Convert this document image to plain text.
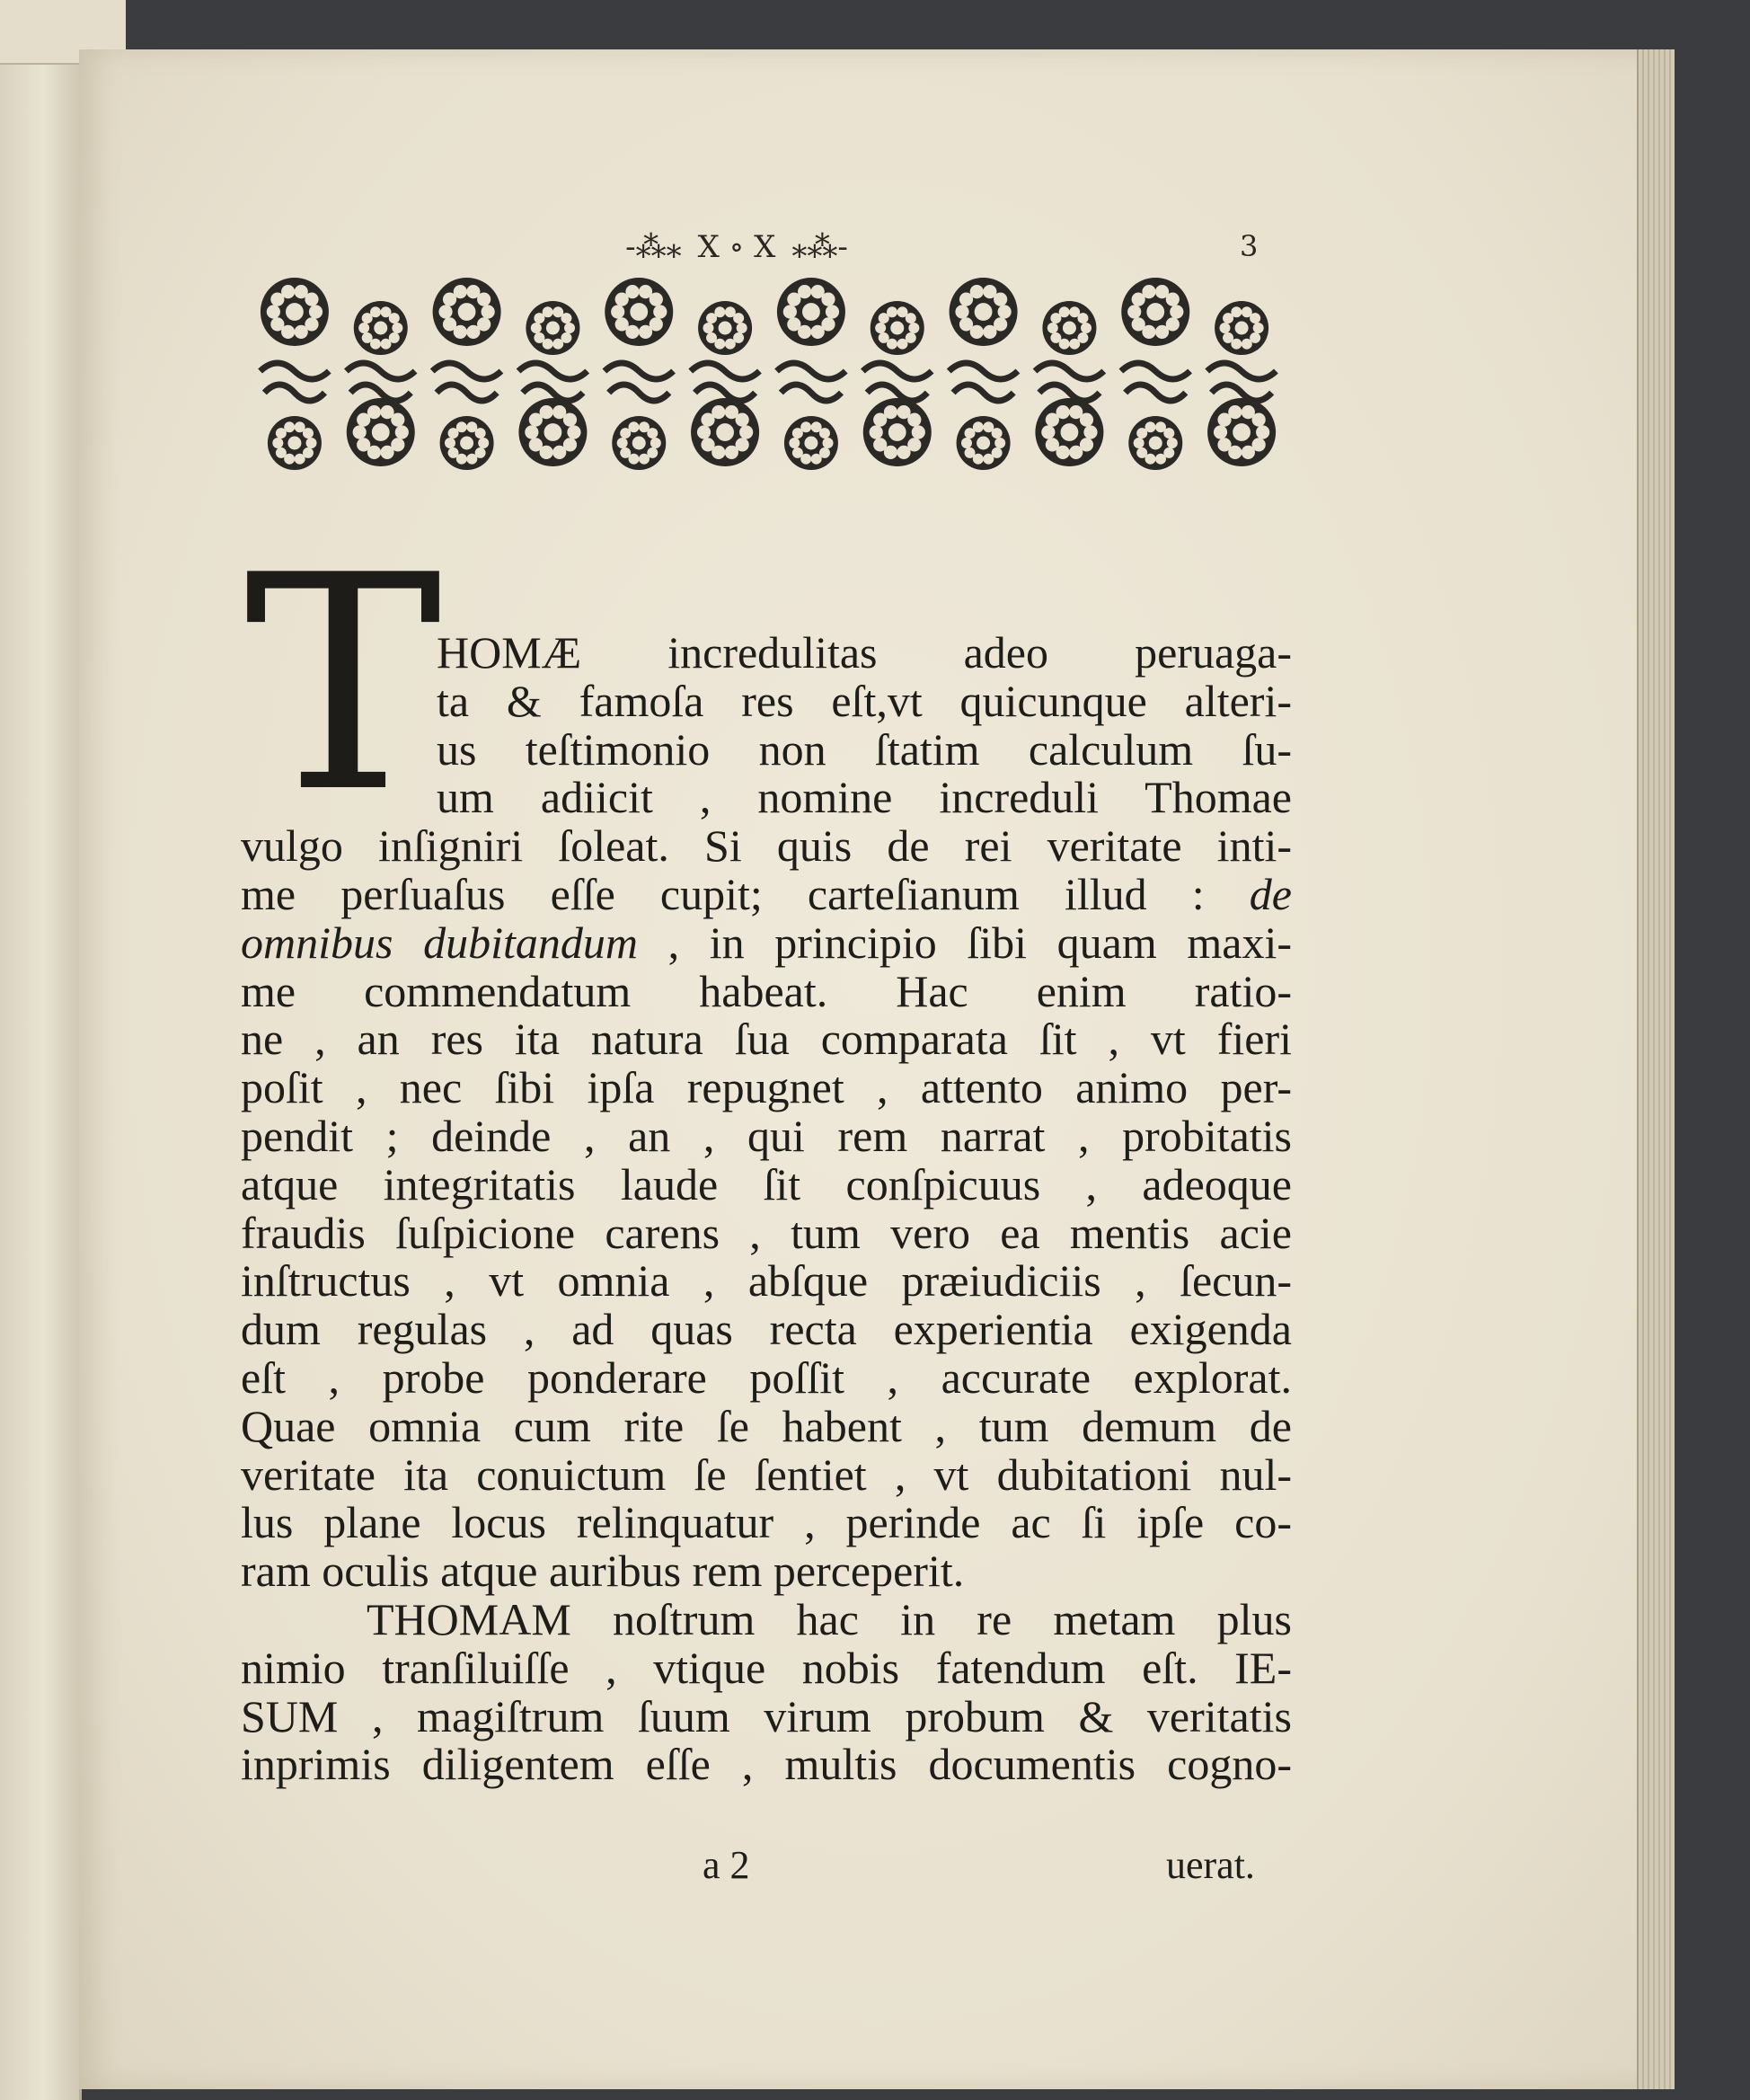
-⁂⁎ X ∘ X ⁎⁂-	3
T
HOMÆ incredulitas adeo peruaga-
ta & famoſa res eſt,vt quicunque alteri-
us teſtimonio non ſtatim calculum ſu-
um adiicit , nomine increduli Thomae
vulgo inſigniri ſoleat. Si quis de rei veritate inti-
me perſuaſus eſſe cupit; carteſianum illud : de
omnibus dubitandum , in principio ſibi quam maxi-
me commendatum habeat. Hac enim ratio-
ne , an res ita natura ſua comparata ſit , vt fieri
poſit , nec ſibi ipſa repugnet , attento animo per-
pendit ; deinde , an , qui rem narrat , probitatis
atque integritatis laude ſit conſpicuus , adeoque
fraudis ſuſpicione carens , tum vero ea mentis acie
inſtructus , vt omnia , abſque præiudiciis , ſecun-
dum regulas , ad quas recta experientia exigenda
eſt , probe ponderare poſſit , accurate explorat.
Quae omnia cum rite ſe habent , tum demum de
veritate ita conuictum ſe ſentiet , vt dubitationi nul-
lus plane locus relinquatur , perinde ac ſi ipſe co-
ram oculis atque auribus rem perceperit.
THOMAM noſtrum hac in re metam plus
nimio tranſiluiſſe , vtique nobis fatendum eſt. IE-
SUM , magiſtrum ſuum virum probum & veritatis
inprimis diligentem eſſe , multis documentis cogno-
a 2	uerat.
